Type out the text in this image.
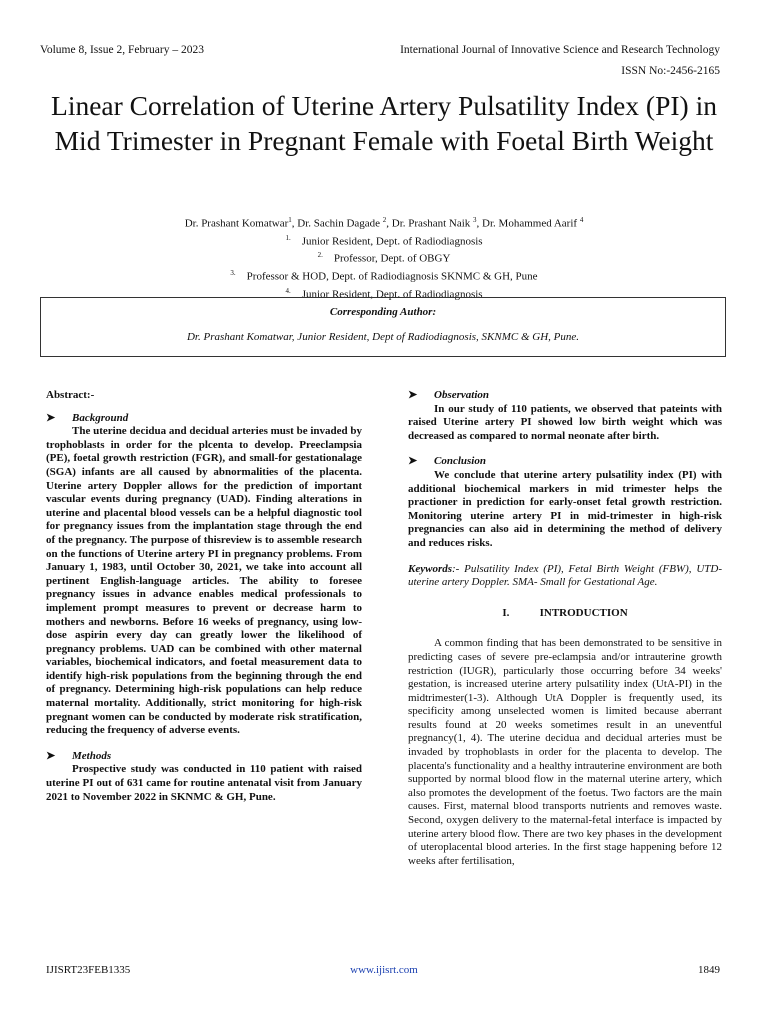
Volume 8, Issue 2, February – 2023	International Journal of Innovative Science and Research Technology
ISSN No:-2456-2165
Linear Correlation of Uterine Artery Pulsatility Index (PI) in Mid Trimester in Pregnant Female with Foetal Birth Weight
Dr. Prashant Komatwar$^1$, Dr. Sachin Dagade $^2$, Dr. Prashant Naik $^3$, Dr. Mohammed Aarif $^4$
$^{1.}$ Junior Resident, Dept. of Radiodiagnosis
$^{2.}$ Professor, Dept. of OBGY
$^{3.}$ Professor & HOD, Dept. of Radiodiagnosis SKNMC & GH, Pune
$^{4.}$ Junior Resident, Dept. of Radiodiagnosis
Corresponding Author:
Dr. Prashant Komatwar, Junior Resident, Dept of Radiodiagnosis, SKNMC & GH, Pune.

Abstract:-

➤ Background

The uterine decidua and decidual arteries must be invaded by trophoblasts in order for the plcenta to develop. Preeclampsia (PE), foetal growth restriction (FGR), and small-for gestationalage (SGA) infants are all caused by abnormalities of the placenta. Uterine artery Doppler allows for the prediction of important vascular events during pregnancy (UAD). Finding alterations in uterine and placental blood vessels can be a helpful diagnostic tool for pregnancy issues from the implantation stage through the end of the pregnancy. The purpose of thisreview is to assemble research on the functions of Uterine artery PI in pregnancy problems. From January 1, 1983, until October 30, 2021, we take into account all pertinent English-language articles. The ability to foresee pregnancy issues in advance enables medical professionals to implement prompt measures to prevent or decrease harm to mothers and newborns. Before 16 weeks of pregnancy, using low-dose aspirin every day can greatly lower the likelihood of pregnancy problems. UAD can be combined with other maternal variables, biochemical indicators, and foetal measurement data to identify high-risk populations from the beginning through the end of pregnancy. Determining high-risk populations can help reduce maternal mortality. Additionally, strict monitoring for high-risk pregnant women can be conducted by moderate risk stratification, reducing the frequency of adverse events.

➤ Methods

Prospective study was conducted in 110 patient with raised uterine PI out of 631 came for routine antenatal visit from January 2021 to November 2022 in SKNMC & GH, Pune.

➤ Observation

In our study of 110 patients, we observed that pateints with raised Uterine artery PI showed low birth weight which was decreased as compared to normal neonate after birth.

➤ Conclusion

We conclude that uterine artery pulsatility index (PI) with additional biochemical markers in mid trimester helps the practioner in prediction for early-onset fetal growth restriction. Monitoring uterine artery PI in mid-trimester in high-risk pregnancies can also aid in determining the method of delivery and reduces risks.

Keywords:- Pulsatility Index (PI), Fetal Birth Weight (FBW), UTD- uterine artery Doppler. SMA- Small for Gestational Age.

I.	INTRODUCTION

A common finding that has been demonstrated to be sensitive in predicting cases of severe pre-eclampsia and/or intrauterine growth restriction (IUGR), particularly those occurring before 34 weeks' gestation, is increased uterine artery pulsatility index (UtA-PI) in the midtrimester(1-3). Although UtA Doppler is frequently used, its specificity among unselected women is limited because aberrant results found at 20 weeks sometimes result in an uneventful pregnancy(1, 4). The uterine decidua and decidual arteries must be invaded by trophoblasts in order for the placenta to develop. The placenta's functionality and a healthy intrauterine environment are both supported by normal blood flow in the maternal uterine artery, which also promotes the development of the foetus. Two factors are the main causes. First, maternal blood transports nutrients and removes waste. Second, oxygen delivery to the maternal-fetal interface is impacted by uterine artery blood flow. There are two key phases in the development of uteroplacental blood arteries. In the first stage happening before 12 weeks after fertilisation,

IJISRT23FEB1335	www.ijisrt.com	1849
